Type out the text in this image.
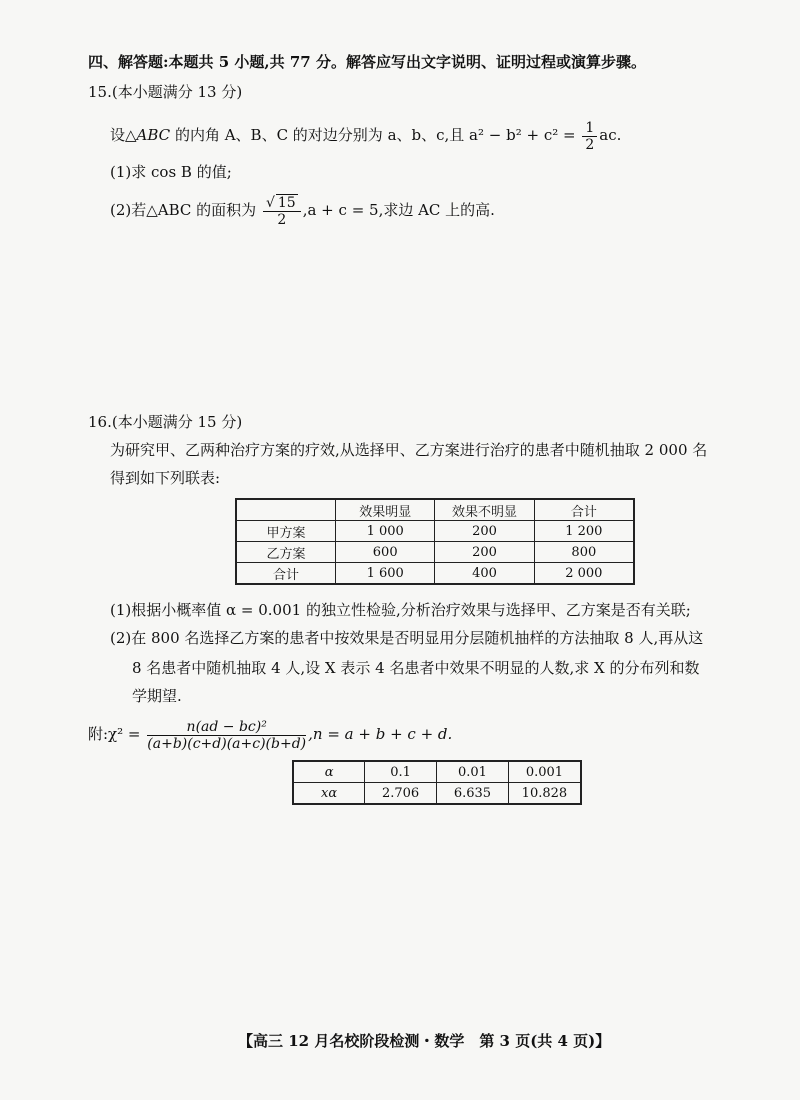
四、解答题:本题共 5 小题,共 77 分。解答应写出文字说明、证明过程或演算步骤。
15.(本小题满分 13 分)
设△ABC 的内角 A、B、C 的对边分别为 a、b、c,且 $a^2 - b^2 + c^2 = \frac{1}{2}$ ac.
(1)求 cos B 的值;
(2)若△ABC 的面积为 $\frac{√ 15}{2} ,a + c = 5$,求边 AC 上的高.
16.(本小题满分 15 分)
为研究甲、乙两种治疗方案的疗效,从选择甲、乙方案进行治疗的患者中随机抽取 2 000 名
得到如下列联表:
	效果明显	效果不明显	合计
甲方案	1 000	200	1 200
乙方案	600	200	800
合计	1 600	400	2 000
(1)根据小概率值 α = 0.001 的独立性检验,分析治疗效果与选择甲、乙方案是否有关联;
(2)在 800 名选择乙方案的患者中按效果是否明显用分层随机抽样的方法抽取 8 人,再从这
8 名患者中随机抽取 4 人,设 X 表示 4 名患者中效果不明显的人数,求 X 的分布列和数
学期望.
附:χ² = $\frac{\text{n(ad − bc)²}}{(a+b)(c+d)(a+c)(b+d)} ,n = a + b + c + d$.
α	0.1	0.01	0.001
xα	2.706	6.635	10.828
【高三 12 月名校阶段检测・数学　第 3 页(共 4 页)】
